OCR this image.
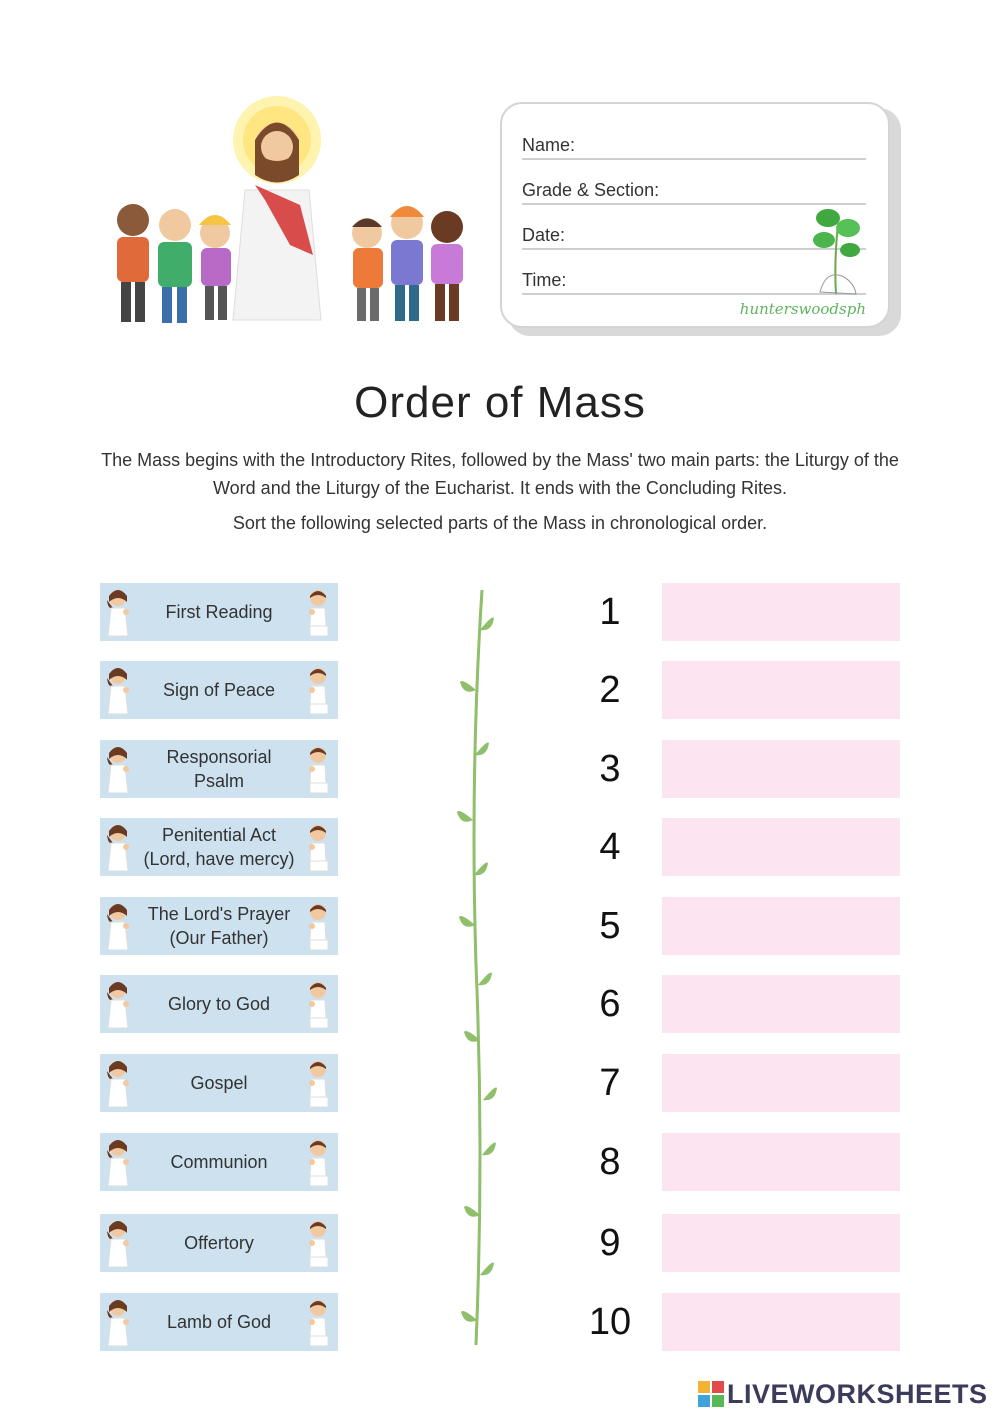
Name:
Grade & Section:
Date:
Time:
hunterswoodsph
Order of Mass

The Mass begins with the Introductory Rites, followed by the Mass' two main parts: the Liturgy of the Word and the Liturgy of the Eucharist. It ends with the Concluding Rites.

Sort the following selected parts of the Mass in chronological order.

First Reading
Sign of Peace
Responsorial Psalm
Penitential Act (Lord, have mercy)
The Lord's Prayer (Our Father)
Glory to God
Gospel
Communion
Offertory
Lamb of God
1
2
3
4
5
6
7
8
9
10
LIVEWORKSHEETS
